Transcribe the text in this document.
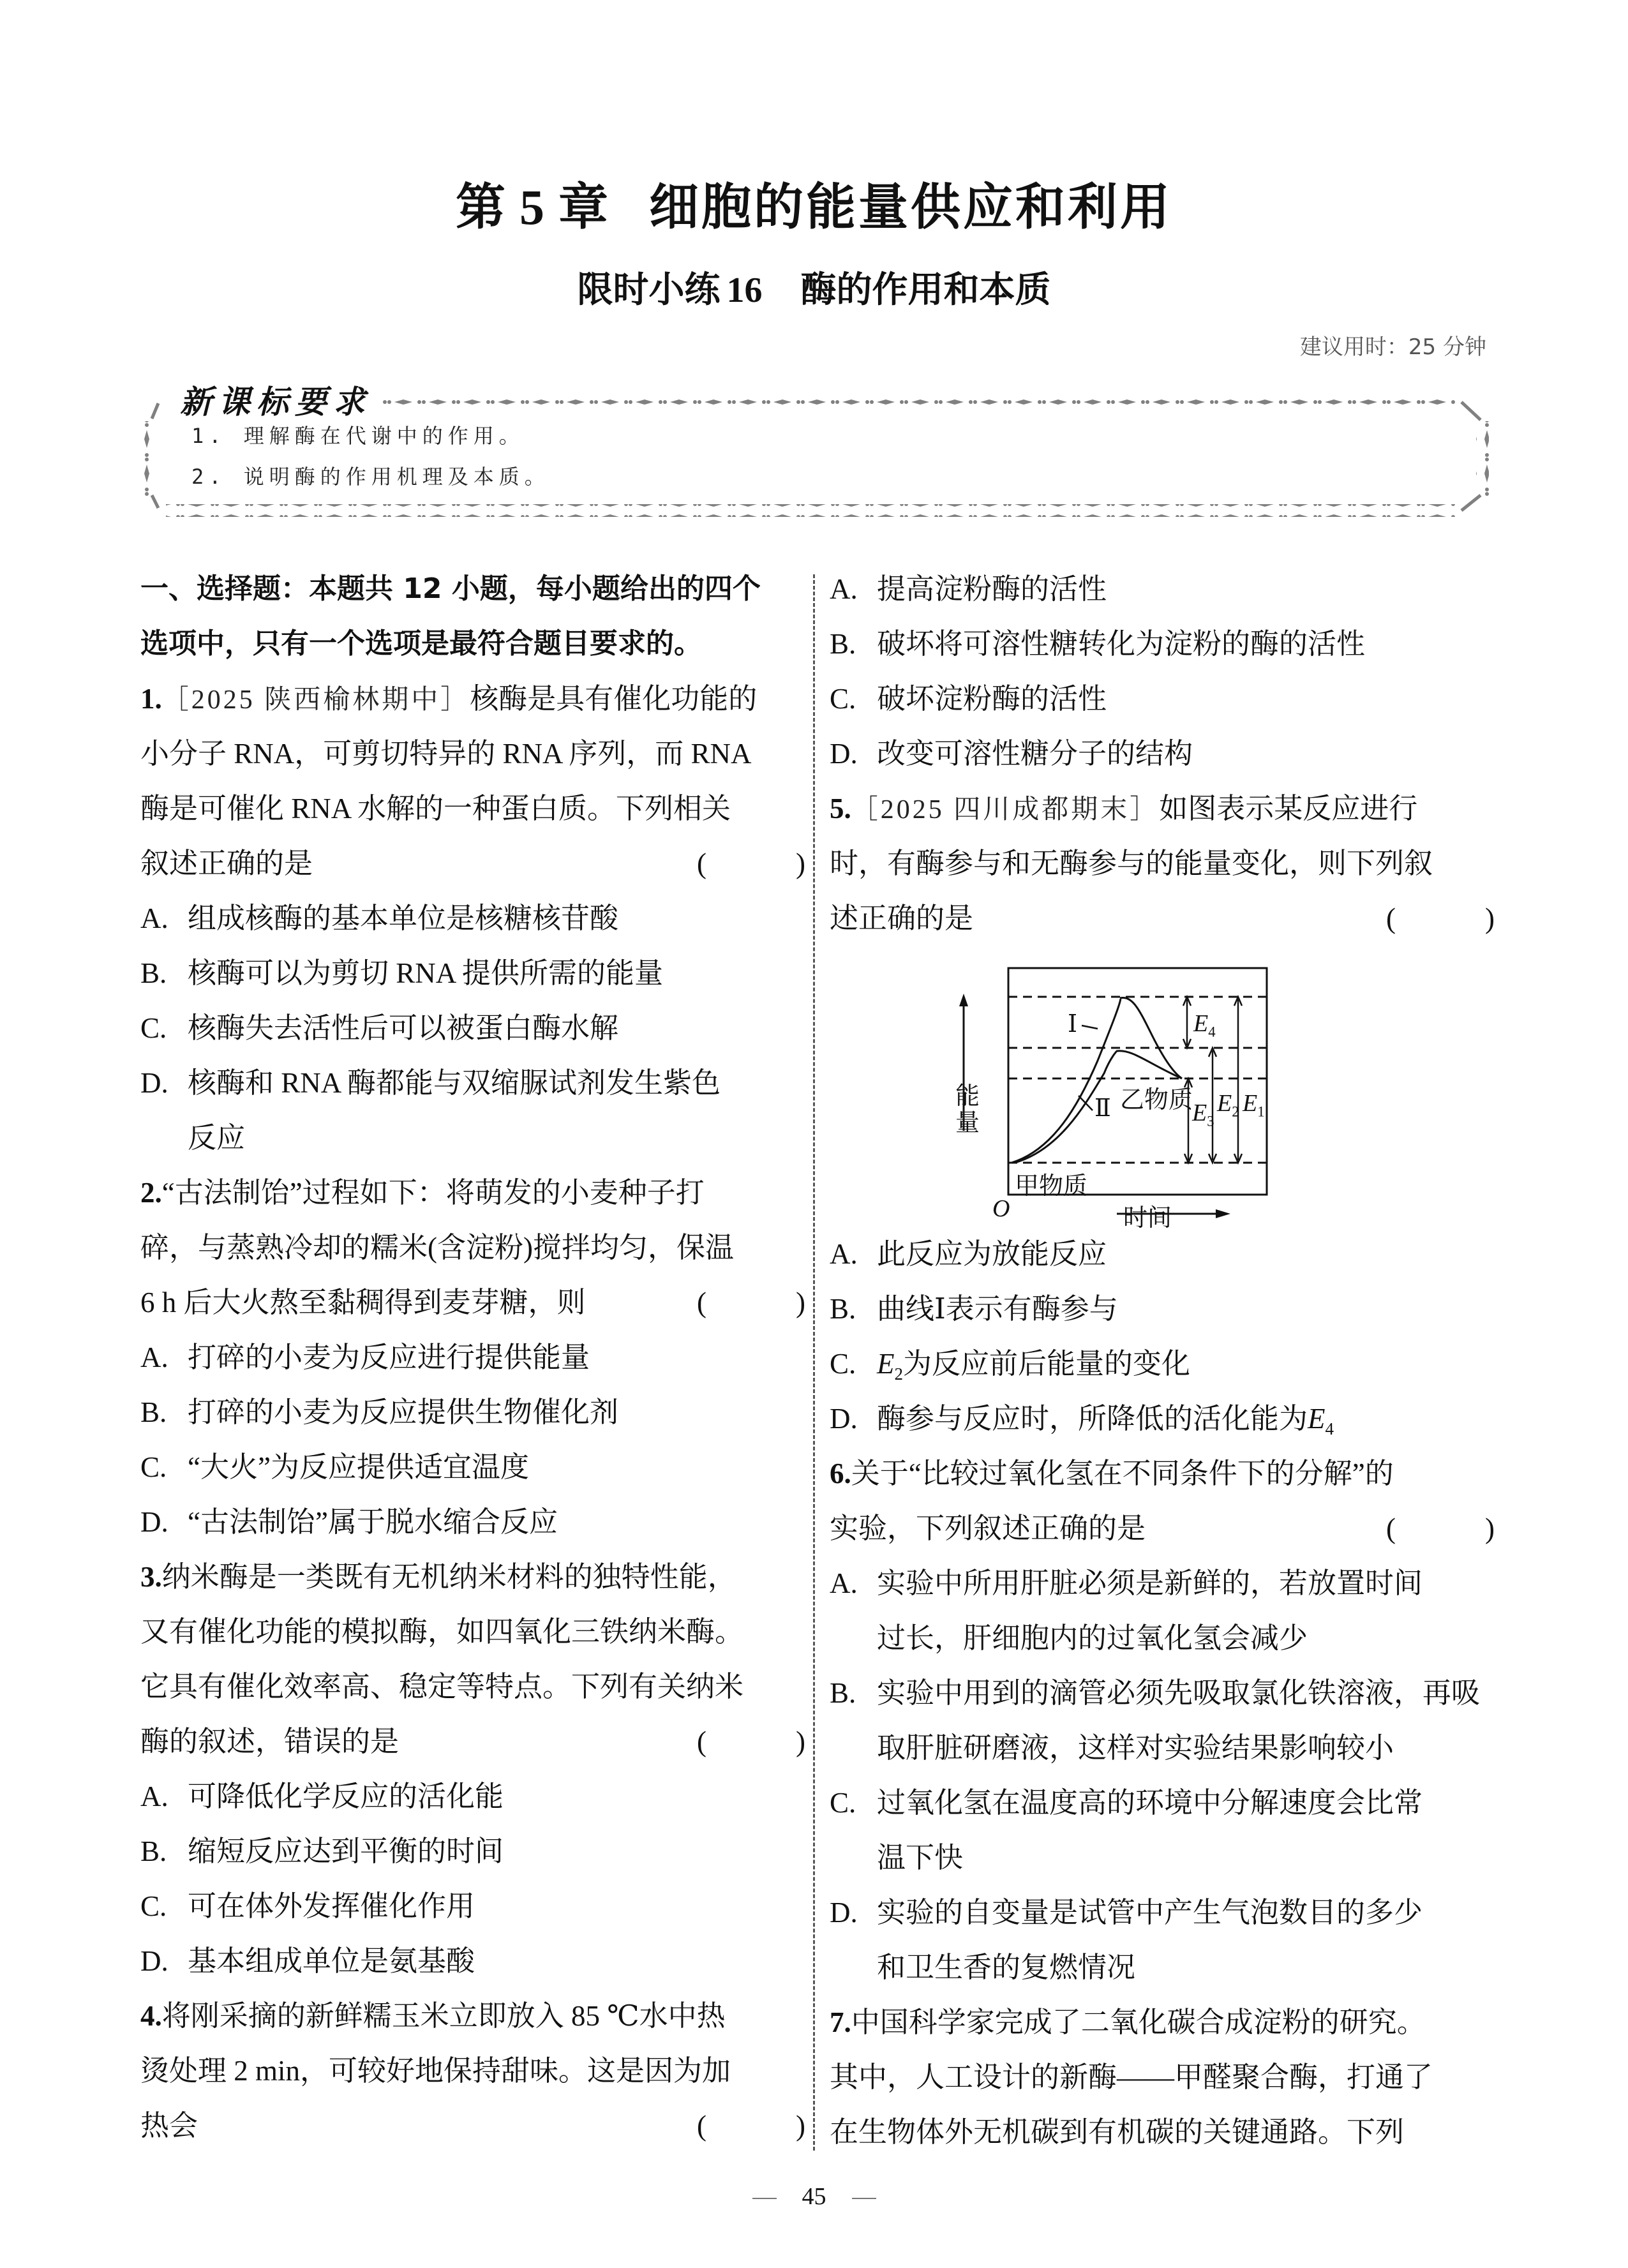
第 5 章 细胞的能量供应和利用
限时小练 16 酶的作用和本质
建议用时：25 分钟
新课标要求
1. 理解酶在代谢中的作用。
2. 说明酶的作用机理及本质。
一、选择题：本题共 12 小题，每小题给出的四个
选项中，只有一个选项是最符合题目要求的。
1.［2025 陕西榆林期中］核酶是具有催化功能的
小分子 RNA，可剪切特异的 RNA 序列，而 RNA
酶是可催化 RNA 水解的一种蛋白质。下列相关
叙述正确的是	(	)
A. 组成核酶的基本单位是核糖核苷酸
B. 核酶可以为剪切 RNA 提供所需的能量
C. 核酶失去活性后可以被蛋白酶水解
D. 核酶和 RNA 酶都能与双缩脲试剂发生紫色
反应
2.“古法制饴”过程如下：将萌发的小麦种子打
碎，与蒸熟冷却的糯米(含淀粉)搅拌均匀，保温
6 h 后大火熬至黏稠得到麦芽糖，则	(	)
A. 打碎的小麦为反应进行提供能量
B. 打碎的小麦为反应提供生物催化剂
C. “大火”为反应提供适宜温度
D. “古法制饴”属于脱水缩合反应
3.纳米酶是一类既有无机纳米材料的独特性能，
又有催化功能的模拟酶，如四氧化三铁纳米酶。
它具有催化效率高、稳定等特点。下列有关纳米
酶的叙述，错误的是	(	)
A. 可降低化学反应的活化能
B. 缩短反应达到平衡的时间
C. 可在体外发挥催化作用
D. 基本组成单位是氨基酸
4.将刚采摘的新鲜糯玉米立即放入 85 ℃水中热
烫处理 2 min，可较好地保持甜味。这是因为加
热会	(	)
A. 提高淀粉酶的活性
B. 破坏将可溶性糖转化为淀粉的酶的活性
C. 破坏淀粉酶的活性
D. 改变可溶性糖分子的结构
5.［2025 四川成都期末］如图表示某反应进行
时，有酶参与和无酶参与的能量变化，则下列叙
述正确的是	(	)
能量
时间
O
Ⅰ
Ⅱ
甲物质
乙物质
$E_4$
$E_3$
$E_2$ $E_1$
A. 此反应为放能反应
B. 曲线Ⅰ表示有酶参与
C. $E_2$为反应前后能量的变化
D. 酶参与反应时，所降低的活化能为$E_4$
6.关于“比较过氧化氢在不同条件下的分解”的
实验，下列叙述正确的是	(	)
A. 实验中所用肝脏必须是新鲜的，若放置时间
过长，肝细胞内的过氧化氢会减少
B. 实验中用到的滴管必须先吸取氯化铁溶液，再吸
取肝脏研磨液，这样对实验结果影响较小
C. 过氧化氢在温度高的环境中分解速度会比常
温下快
D. 实验的自变量是试管中产生气泡数目的多少
和卫生香的复燃情况
7.中国科学家完成了二氧化碳合成淀粉的研究。
其中，人工设计的新酶——甲醛聚合酶，打通了
在生物体外无机碳到有机碳的关键通路。下列
45
